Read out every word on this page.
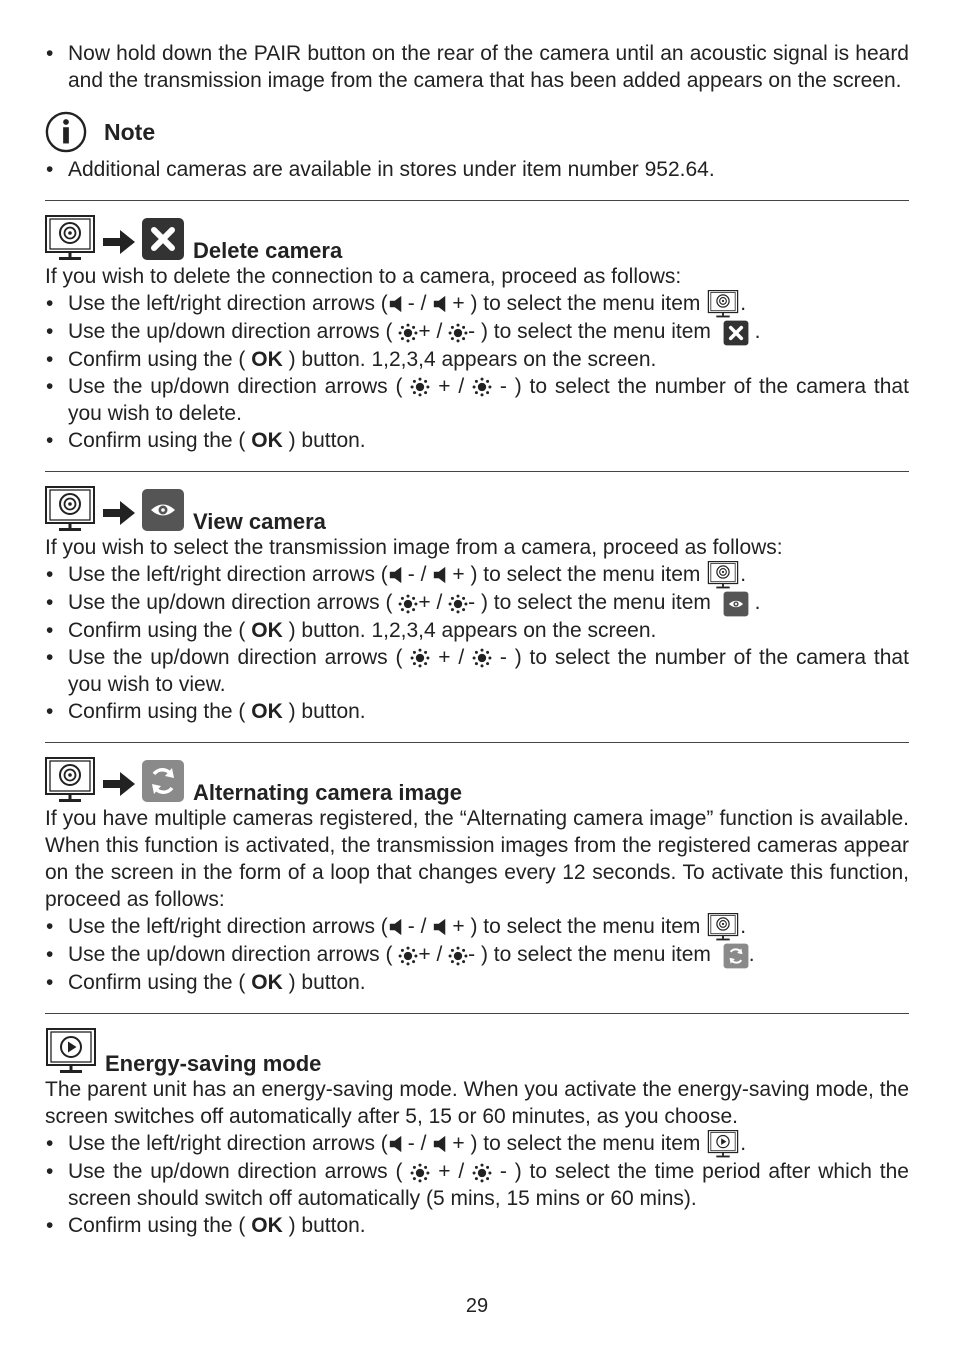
• Now hold down the PAIR button on the rear of the camera until an acoustic signal is heard and the transmission image from the camera that has been added appears on the screen.
Note
• Additional cameras are available in stores under item number 952.64.
Delete camera
If you wish to delete the connection to a camera, proceed as follows:
• Use the left/right direction arrows ( - / + ) to select the menu item .
• Use the up/down direction arrows ( + / - ) to select the menu item .
• Confirm using the ( OK ) button. 1,2,3,4 appears on the screen.
• Use the up/down direction arrows ( + / - ) to select the number of the camera that you wish to delete.
• Confirm using the ( OK ) button.
View camera
If you wish to select the transmission image from a camera, proceed as follows:
• Use the left/right direction arrows ( - / + ) to select the menu item .
• Use the up/down direction arrows ( + / - ) to select the menu item .
• Confirm using the ( OK ) button. 1,2,3,4 appears on the screen.
• Use the up/down direction arrows ( + / - ) to select the number of the camera that you wish to view.
• Confirm using the ( OK ) button.
Alternating camera image
If you have multiple cameras registered, the “Alternating camera image” function is available. When this function is activated, the transmission images from the registered cameras appear on the screen in the form of a loop that changes every 12 seconds. To activate this function, proceed as follows:
• Use the left/right direction arrows ( - / + ) to select the menu item .
• Use the up/down direction arrows ( + / - ) to select the menu item .
• Confirm using the ( OK ) button.
Energy-saving mode
The parent unit has an energy-saving mode. When you activate the energy-saving mode, the screen switches off automatically after 5, 15 or 60 minutes, as you choose.
• Use the left/right direction arrows ( - / + ) to select the menu item .
• Use the up/down direction arrows ( + / - ) to select the time period after which the screen should switch off automatically (5 mins, 15 mins or 60 mins).
• Confirm using the ( OK ) button.
29
